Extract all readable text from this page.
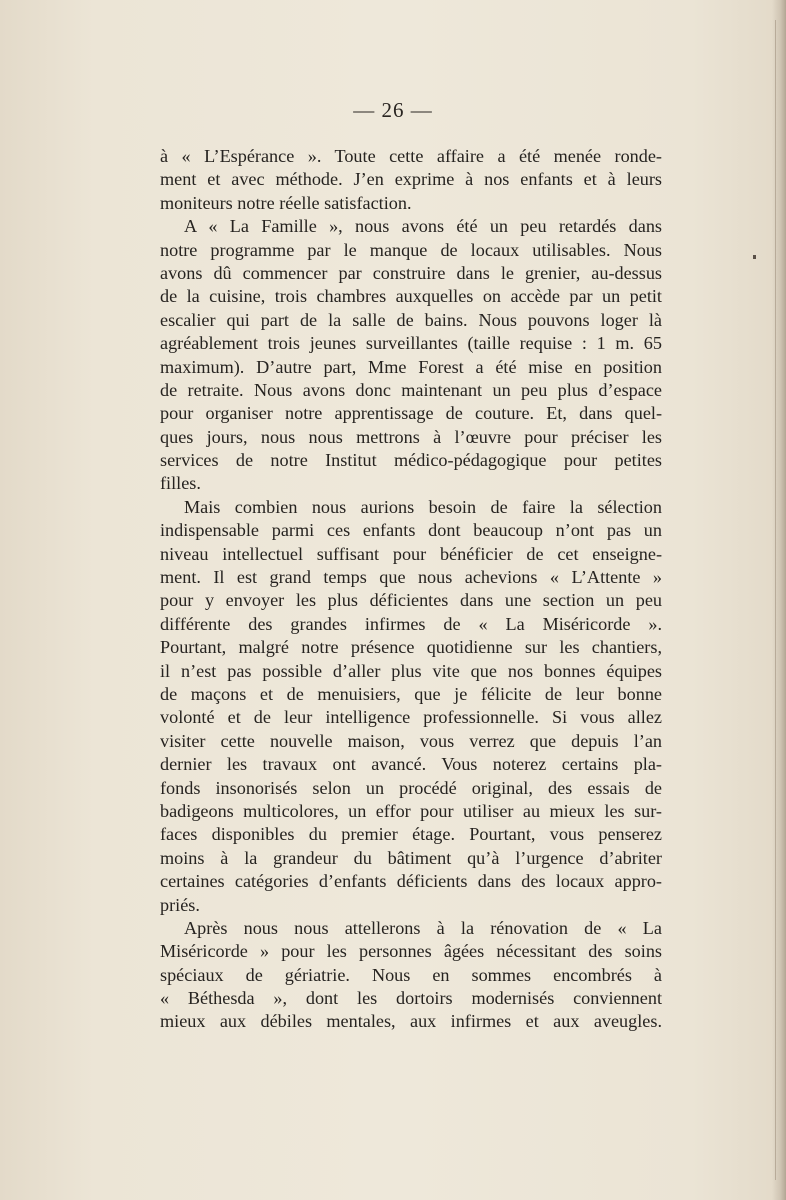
— 26 —
à « L’Espérance ». Toute cette affaire a été menée ronde-
ment et avec méthode. J’en exprime à nos enfants et à leurs
moniteurs notre réelle satisfaction.
A « La Famille », nous avons été un peu retardés dans
notre programme par le manque de locaux utilisables. Nous
avons dû commencer par construire dans le grenier, au-dessus
de la cuisine, trois chambres auxquelles on accède par un petit
escalier qui part de la salle de bains. Nous pouvons loger là
agréablement trois jeunes surveillantes (taille requise : 1 m. 65
maximum). D’autre part, Mme Forest a été mise en position
de retraite. Nous avons donc maintenant un peu plus d’espace
pour organiser notre apprentissage de couture. Et, dans quel-
ques jours, nous nous mettrons à l’œuvre pour préciser les
services de notre Institut médico-pédagogique pour petites
filles.
Mais combien nous aurions besoin de faire la sélection
indispensable parmi ces enfants dont beaucoup n’ont pas un
niveau intellectuel suffisant pour bénéficier de cet enseigne-
ment. Il est grand temps que nous achevions « L’Attente »
pour y envoyer les plus déficientes dans une section un peu
différente des grandes infirmes de « La Miséricorde ».
Pourtant, malgré notre présence quotidienne sur les chantiers,
il n’est pas possible d’aller plus vite que nos bonnes équipes
de maçons et de menuisiers, que je félicite de leur bonne
volonté et de leur intelligence professionnelle. Si vous allez
visiter cette nouvelle maison, vous verrez que depuis l’an
dernier les travaux ont avancé. Vous noterez certains pla-
fonds insonorisés selon un procédé original, des essais de
badigeons multicolores, un effor pour utiliser au mieux les sur-
faces disponibles du premier étage. Pourtant, vous penserez
moins à la grandeur du bâtiment qu’à l’urgence d’abriter
certaines catégories d’enfants déficients dans des locaux appro-
priés.
Après nous nous attellerons à la rénovation de « La
Miséricorde » pour les personnes âgées nécessitant des soins
spéciaux de gériatrie. Nous en sommes encombrés à
« Béthesda », dont les dortoirs modernisés conviennent
mieux aux débiles mentales, aux infirmes et aux aveugles.
